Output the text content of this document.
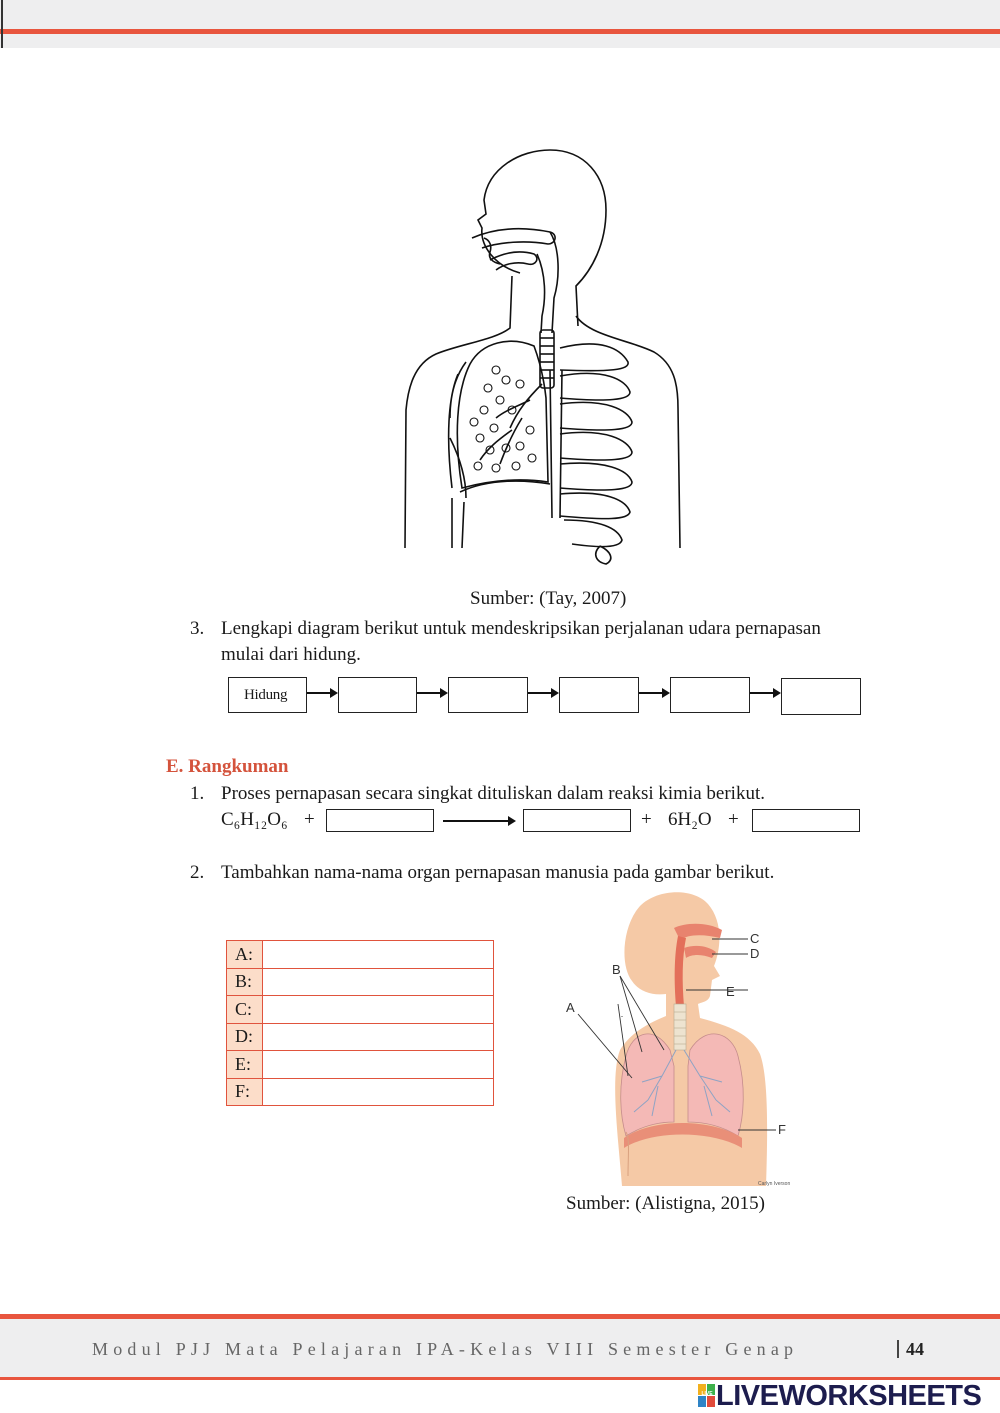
Sumber: (Tay, 2007)
3. Lengkapi diagram berikut untuk mendeskripsikan perjalanan udara pernapasan
mulai dari hidung.
Hidung
E. Rangkuman
1. Proses pernapasan secara singkat dituliskan dalam reaksi kimia berikut.
C₆H₁₂O₆ +	+ 6H₂O +
2. Tambahkan nama-nama organ pernapasan manusia pada gambar berikut.
A:	
B:	
C:	
D:	
E:	
F:	
C
D
E
B
A
F
Carlyn Iverson
Sumber: (Alistigna, 2015)
Modul PJJ Mata Pelajaran IPA-Kelas VIII Semester Genap	44
LIVE LIVEWORKSHEETS
